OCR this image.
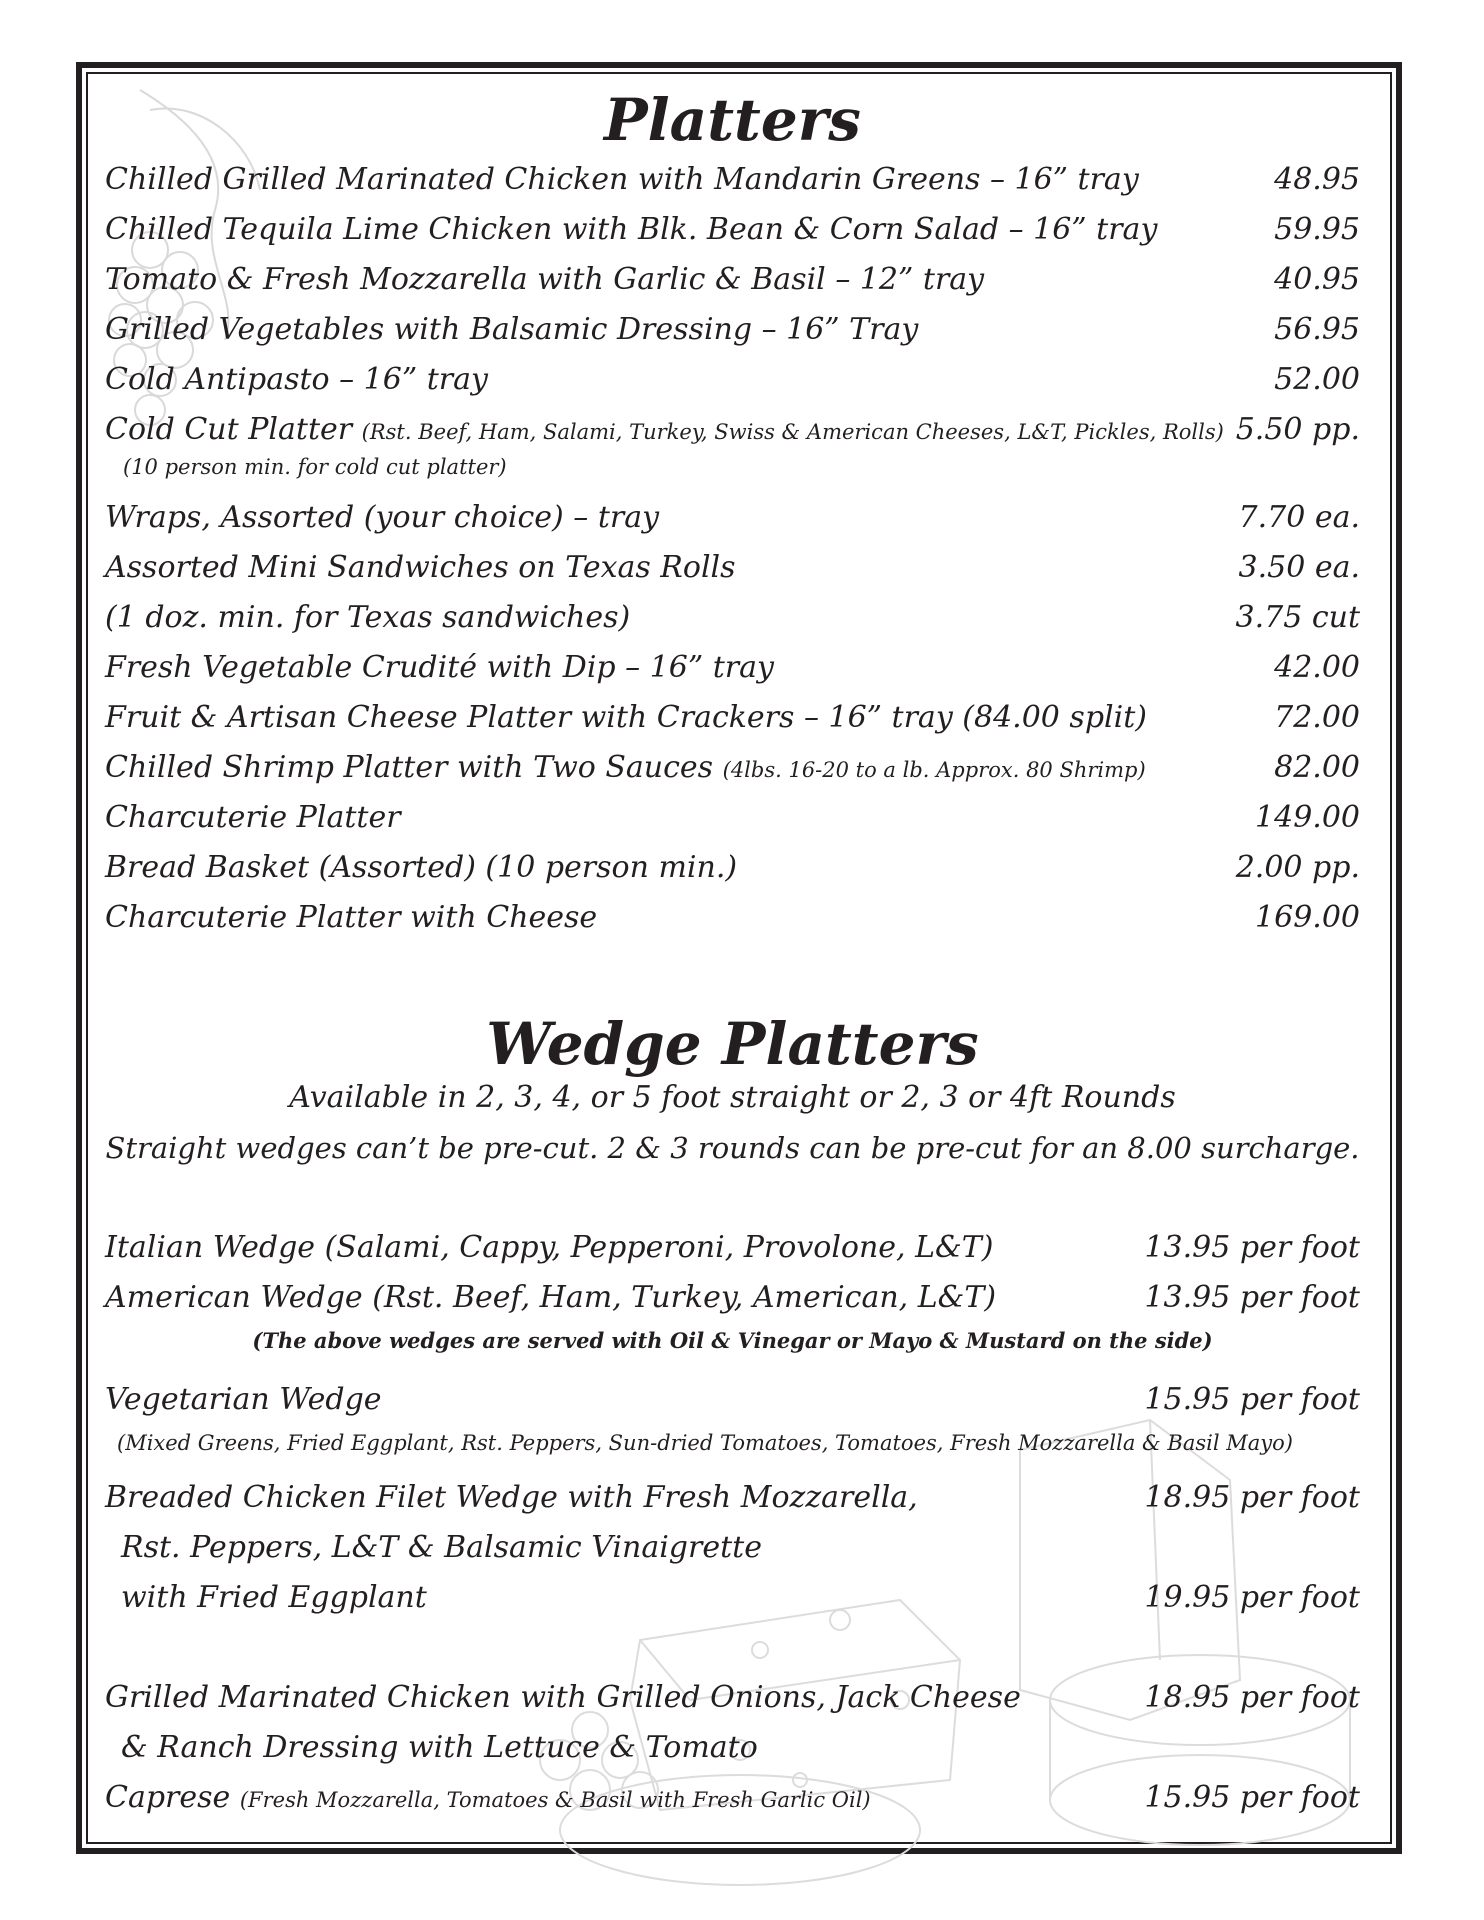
Platters
Chilled Grilled Marinated Chicken with Mandarin Greens – 16” tray	48.95
Chilled Tequila Lime Chicken with Blk. Bean & Corn Salad – 16” tray	59.95
Tomato & Fresh Mozzarella with Garlic & Basil – 12” tray	40.95
Grilled Vegetables with Balsamic Dressing – 16” Tray	56.95
Cold Antipasto – 16” tray	52.00
Cold Cut Platter (Rst. Beef, Ham, Salami, Turkey, Swiss & American Cheeses, L&T, Pickles, Rolls) 5.50 pp.
(10 person min. for cold cut platter)
Wraps, Assorted (your choice) – tray	7.70 ea.
Assorted Mini Sandwiches on Texas Rolls	3.50 ea.
(1 doz. min. for Texas sandwiches)	3.75 cut
Fresh Vegetable Crudité with Dip – 16” tray	42.00
Fruit & Artisan Cheese Platter with Crackers – 16” tray (84.00 split)	72.00
Chilled Shrimp Platter with Two Sauces (4lbs. 16-20 to a lb. Approx. 80 Shrimp)	82.00
Charcuterie Platter	149.00
Bread Basket (Assorted) (10 person min.)	2.00 pp.
Charcuterie Platter with Cheese	169.00
Wedge Platters
Available in 2, 3, 4, or 5 foot straight or 2, 3 or 4ft Rounds
Straight wedges can’t be pre-cut. 2 & 3 rounds can be pre-cut for an 8.00 surcharge.
Italian Wedge (Salami, Cappy, Pepperoni, Provolone, L&T)	13.95 per foot
American Wedge (Rst. Beef, Ham, Turkey, American, L&T)	13.95 per foot
(The above wedges are served with Oil & Vinegar or Mayo & Mustard on the side)
Vegetarian Wedge	15.95 per foot
(Mixed Greens, Fried Eggplant, Rst. Peppers, Sun-dried Tomatoes, Tomatoes, Fresh Mozzarella & Basil Mayo)
Breaded Chicken Filet Wedge with Fresh Mozzarella,	18.95 per foot
Rst. Peppers, L&T & Balsamic Vinaigrette
with Fried Eggplant	19.95 per foot
Grilled Marinated Chicken with Grilled Onions, Jack Cheese	18.95 per foot
& Ranch Dressing with Lettuce & Tomato
Caprese (Fresh Mozzarella, Tomatoes & Basil with Fresh Garlic Oil)	15.95 per foot
